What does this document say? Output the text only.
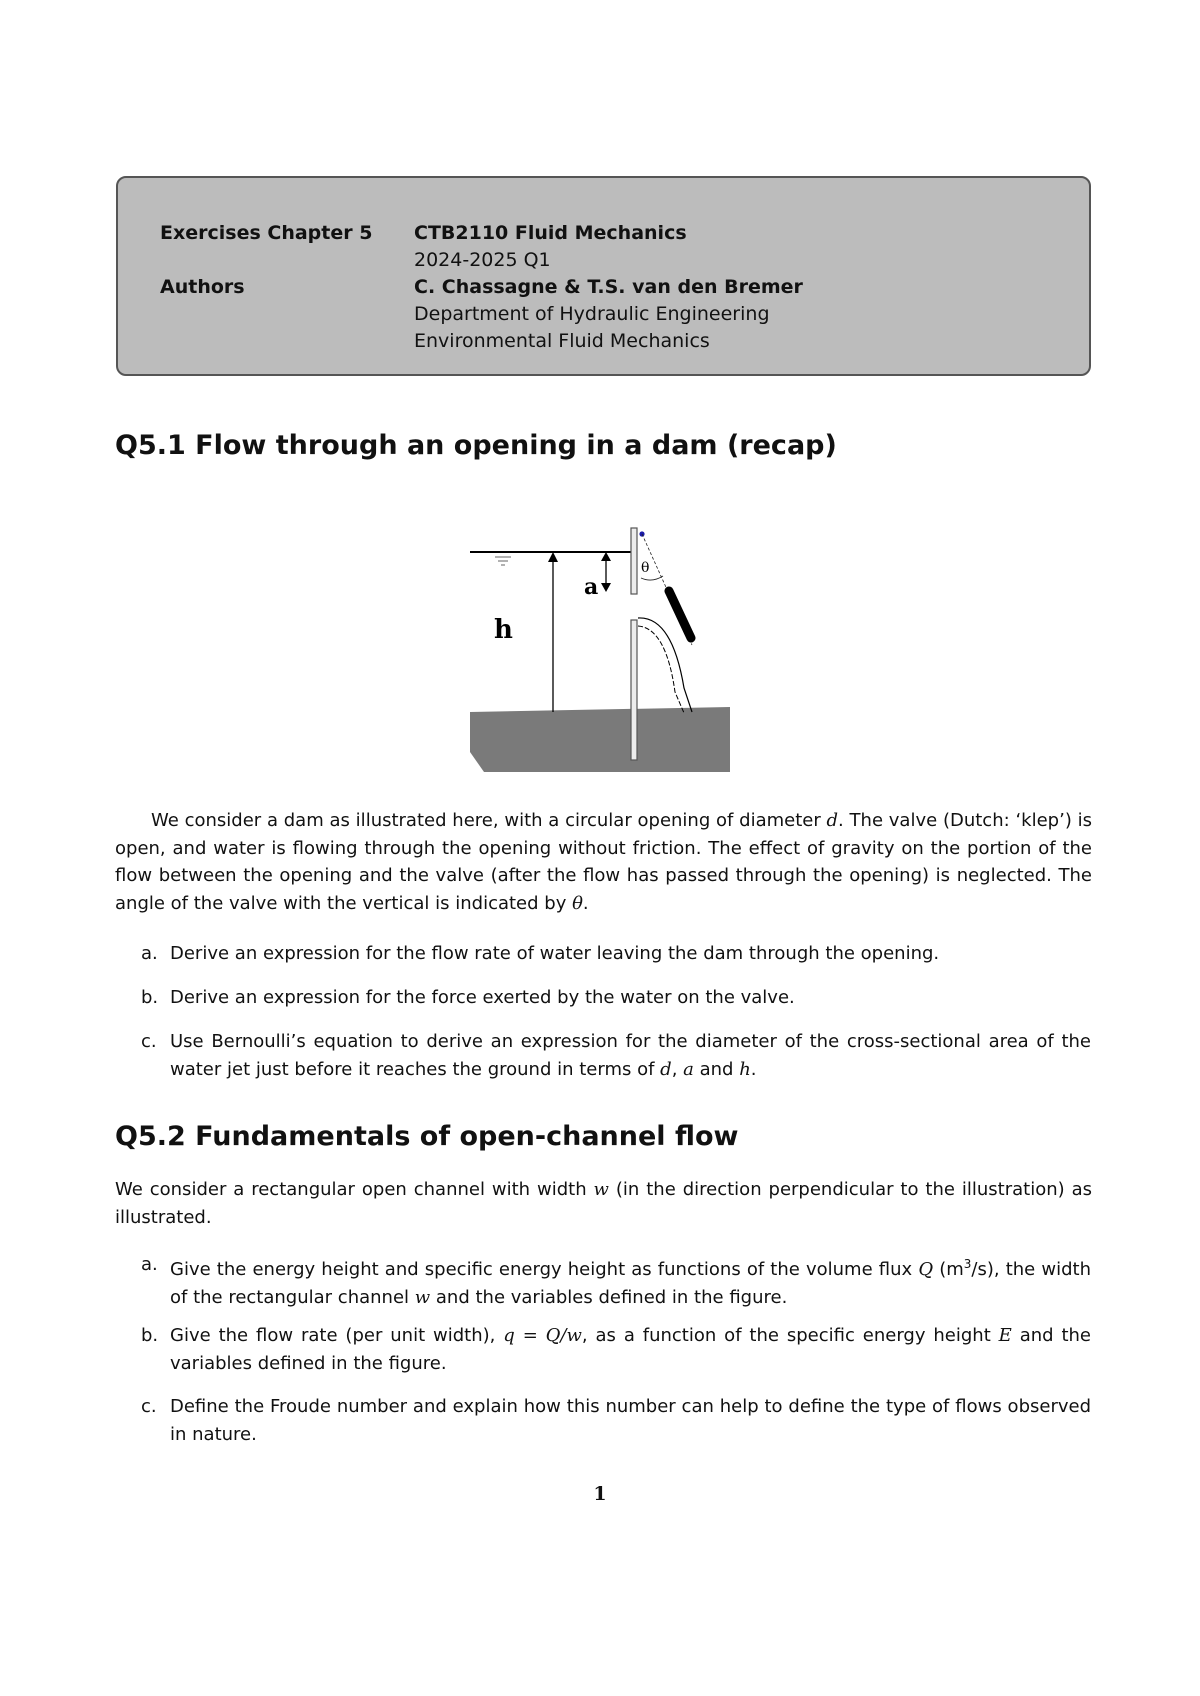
Exercises Chapter 5 CTB2110 Fluid Mechanics
2024-2025 Q1
Authors	C. Chassagne & T.S. van den Bremer
Department of Hydraulic Engineering
Environmental Fluid Mechanics
Q5.1 Flow through an opening in a dam (recap)
h
a
θ

We consider a dam as illustrated here, with a circular opening of diameter d. The valve (Dutch: ‘klep’) is open, and water is flowing through the opening without friction. The effect of gravity on the portion of the flow between the opening and the valve (after the flow has passed through the opening) is neglected. The angle of the valve with the vertical is indicated by θ.

a. Derive an expression for the flow rate of water leaving the dam through the opening.
b. Derive an expression for the force exerted by the water on the valve.
c. Use Bernoulli’s equation to derive an expression for the diameter of the cross-sectional area of the water jet just before it reaches the ground in terms of d, a and h.
Q5.2 Fundamentals of open-channel flow

We consider a rectangular open channel with width w (in the direction perpendicular to the illustration) as illustrated.

a. Give the energy height and specific energy height as functions of the volume flux Q $(m^3/s)$, the width of the rectangular channel w and the variables defined in the figure.
b. Give the flow rate (per unit width), q = Q/w, as a function of the specific energy height E and the variables defined in the figure.
c. Define the Froude number and explain how this number can help to define the type of flows observed in nature.
1
